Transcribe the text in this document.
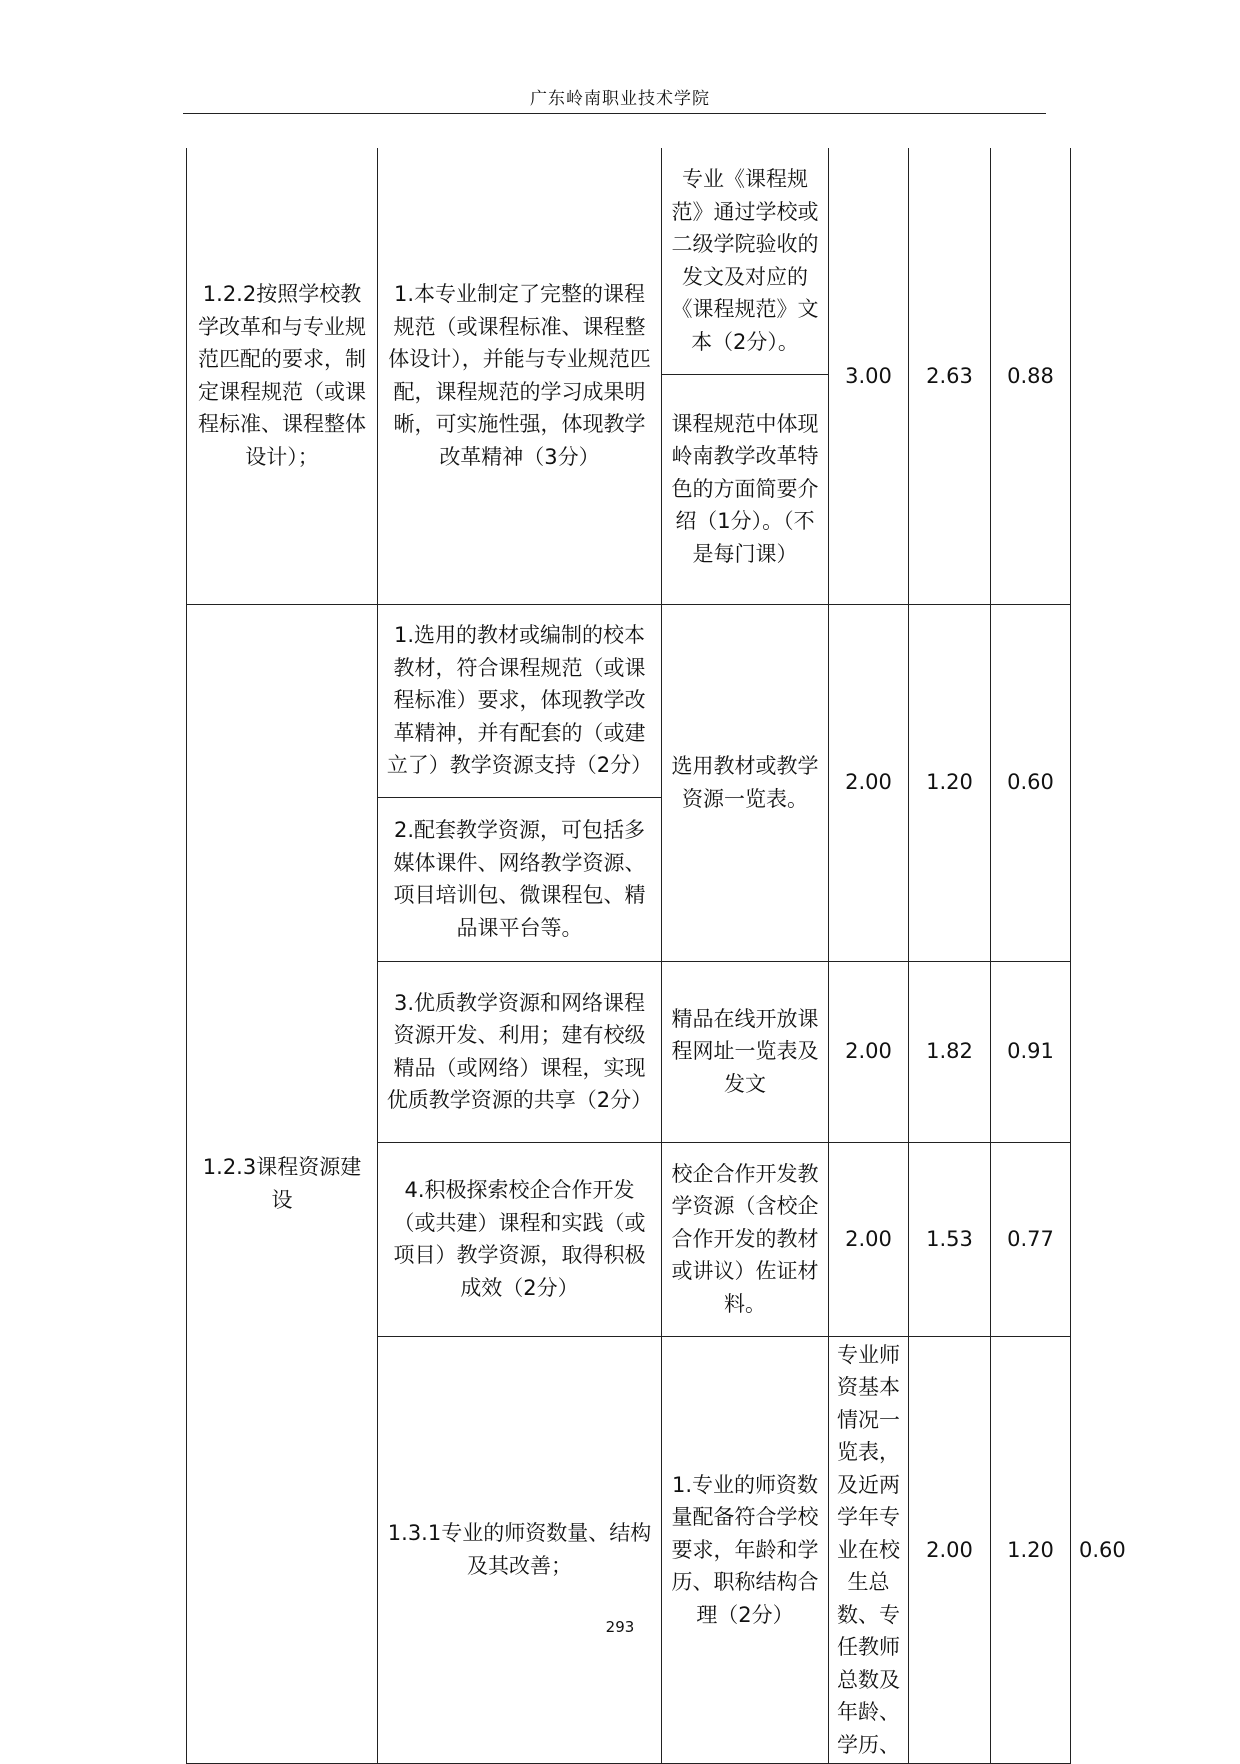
广东岭南职业技术学院
1.2.2按照学校教学改革和与专业规范匹配的要求，制定课程规范（或课程标准、课程整体设计）；	1.本专业制定了完整的课程规范（或课程标准、课程整体设计），并能与专业规范匹配，课程规范的学习成果明晰，可实施性强，体现教学改革精神（3分）	专业《课程规范》通过学校或二级学院验收的发文及对应的《课程规范》文本（2分）。	3.00	2.63	0.88	
		课程规范中体现岭南教学改革特色的方面简要介绍（1分）。（不是每门课）				
1.2.3课程资源建设	1.选用的教材或编制的校本教材，符合课程规范（或课程标准）要求，体现教学改革精神，并有配套的（或建立了）教学资源支持（2分）	选用教材或教学资源一览表。	2.00	1.20	0.60	
	2.配套教学资源，可包括多媒体课件、网络教学资源、项目培训包、微课程包、精品课平台等。					
	3.优质教学资源和网络课程资源开发、利用；建有校级精品（或网络）课程，实现优质教学资源的共享（2分）	精品在线开放课程网址一览表及发文	2.00	1.82	0.91	
	4.积极探索校企合作开发（或共建）课程和实践（或项目）教学资源，取得积极成效（2分）	校企合作开发教学资源（含校企合作开发的教材或讲议）佐证材料。	2.00	1.53	0.77	
	1.3.1专业的师资数量、结构及其改善；	1.专业的师资数量配备符合学校要求，年龄和学历、职称结构合理（2分）	专业师资基本情况一览表，及近两学年专业在校生总数、专任教师总数及年龄、学历、	2.00	1.20	0.60
293
